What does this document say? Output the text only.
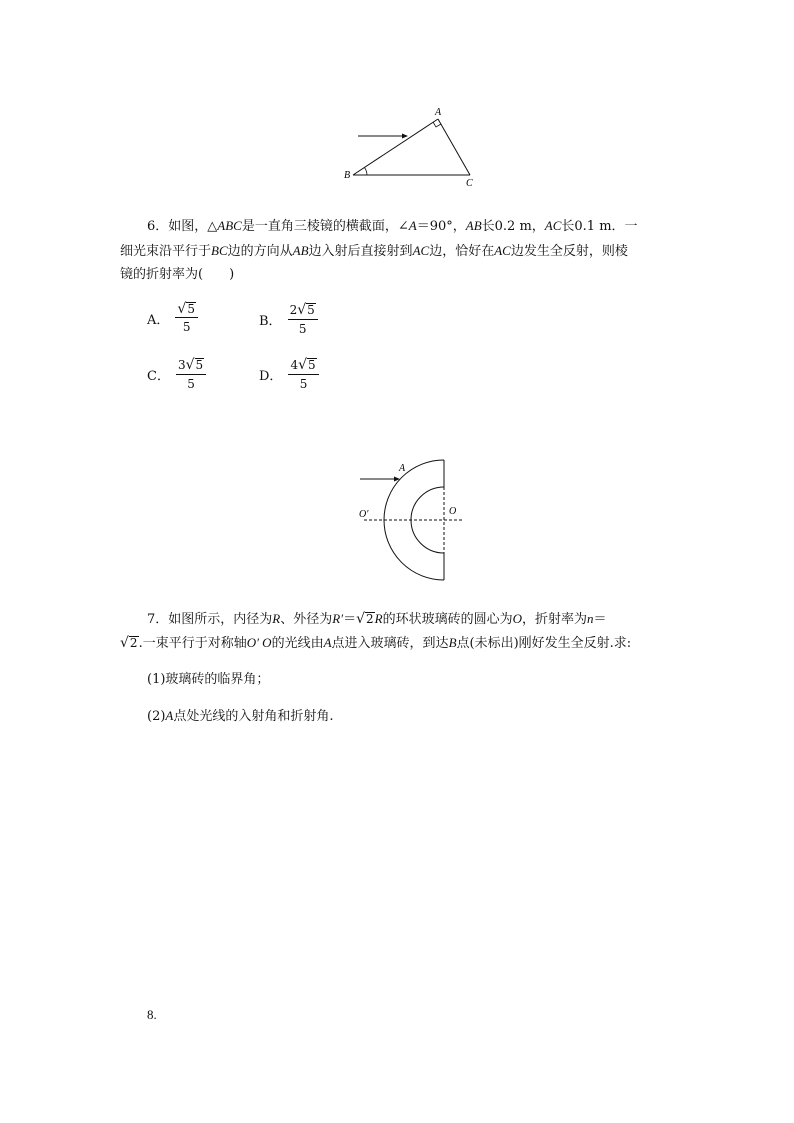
A
B
C
6．如图，△ABC是一直角三棱镜的横截面，∠A＝90°，AB长0.2 m，AC长0.1 m．一
细光束沿平行于BC边的方向从AB边入射后直接射到AC边，恰好在AC边发生全反射，则棱
镜的折射率为(　　)
A． $\frac{√ 5}{5}$	B． $\frac{2 √ 5}{5}$
C． $\frac{3 √ 5}{5}$	D． $\frac{4 √ 5}{5}$
A
O′	O
7．如图所示，内径为R、外径为R′＝ √ 2 R的环状玻璃砖的圆心为O，折射率为n＝
√ 2 .一束平行于对称轴O′ O的光线由A点进入玻璃砖，到达B点(未标出)刚好发生全反射.求:
(1)玻璃砖的临界角；
(2)A点处光线的入射角和折射角.
8.
